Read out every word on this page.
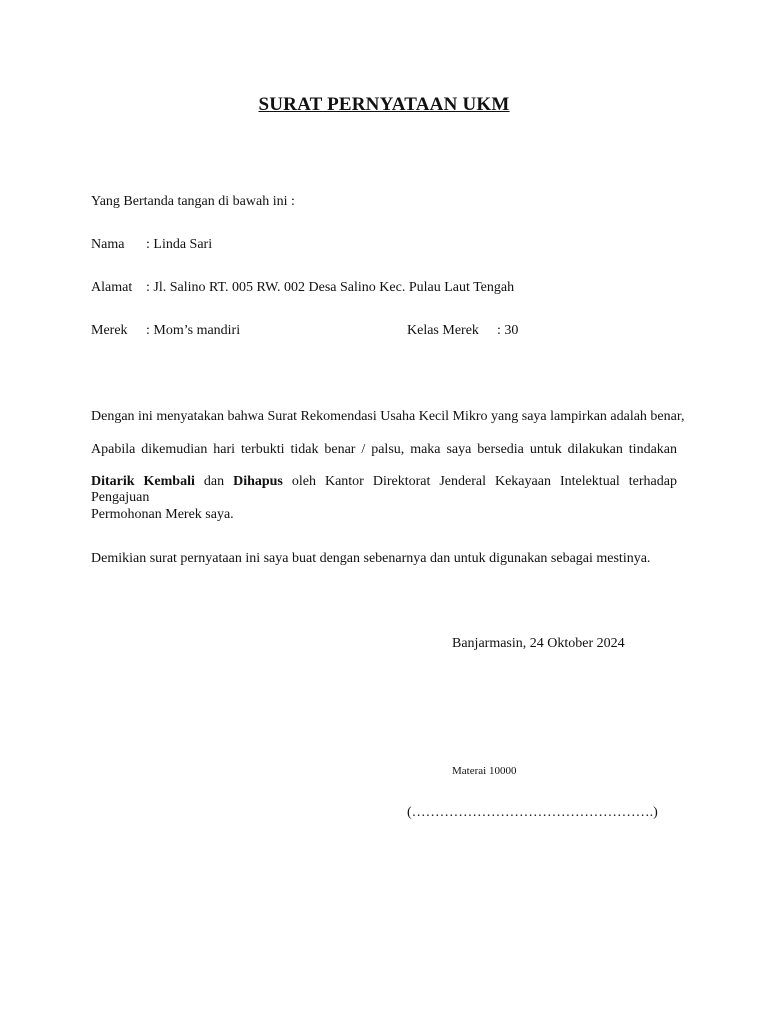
SURAT PERNYATAAN UKM
Yang Bertanda tangan di bawah ini :
Nama : Linda Sari
Alamat : Jl. Salino RT. 005 RW. 002 Desa Salino Kec. Pulau Laut Tengah
Merek : Mom’s mandiri	Kelas Merek : 30
Dengan ini menyatakan bahwa Surat Rekomendasi Usaha Kecil Mikro yang saya lampirkan adalah benar,
Apabila dikemudian hari terbukti tidak benar / palsu, maka saya bersedia untuk dilakukan tindakan
Ditarik Kembali dan Dihapus oleh Kantor Direktorat Jenderal Kekayaan Intelektual terhadap Pengajuan
Permohonan Merek saya.
Demikian surat pernyataan ini saya buat dengan sebenarnya dan untuk digunakan sebagai mestinya.
Banjarmasin, 24 Oktober 2024
Materai 10000
(…………………………………………….)
